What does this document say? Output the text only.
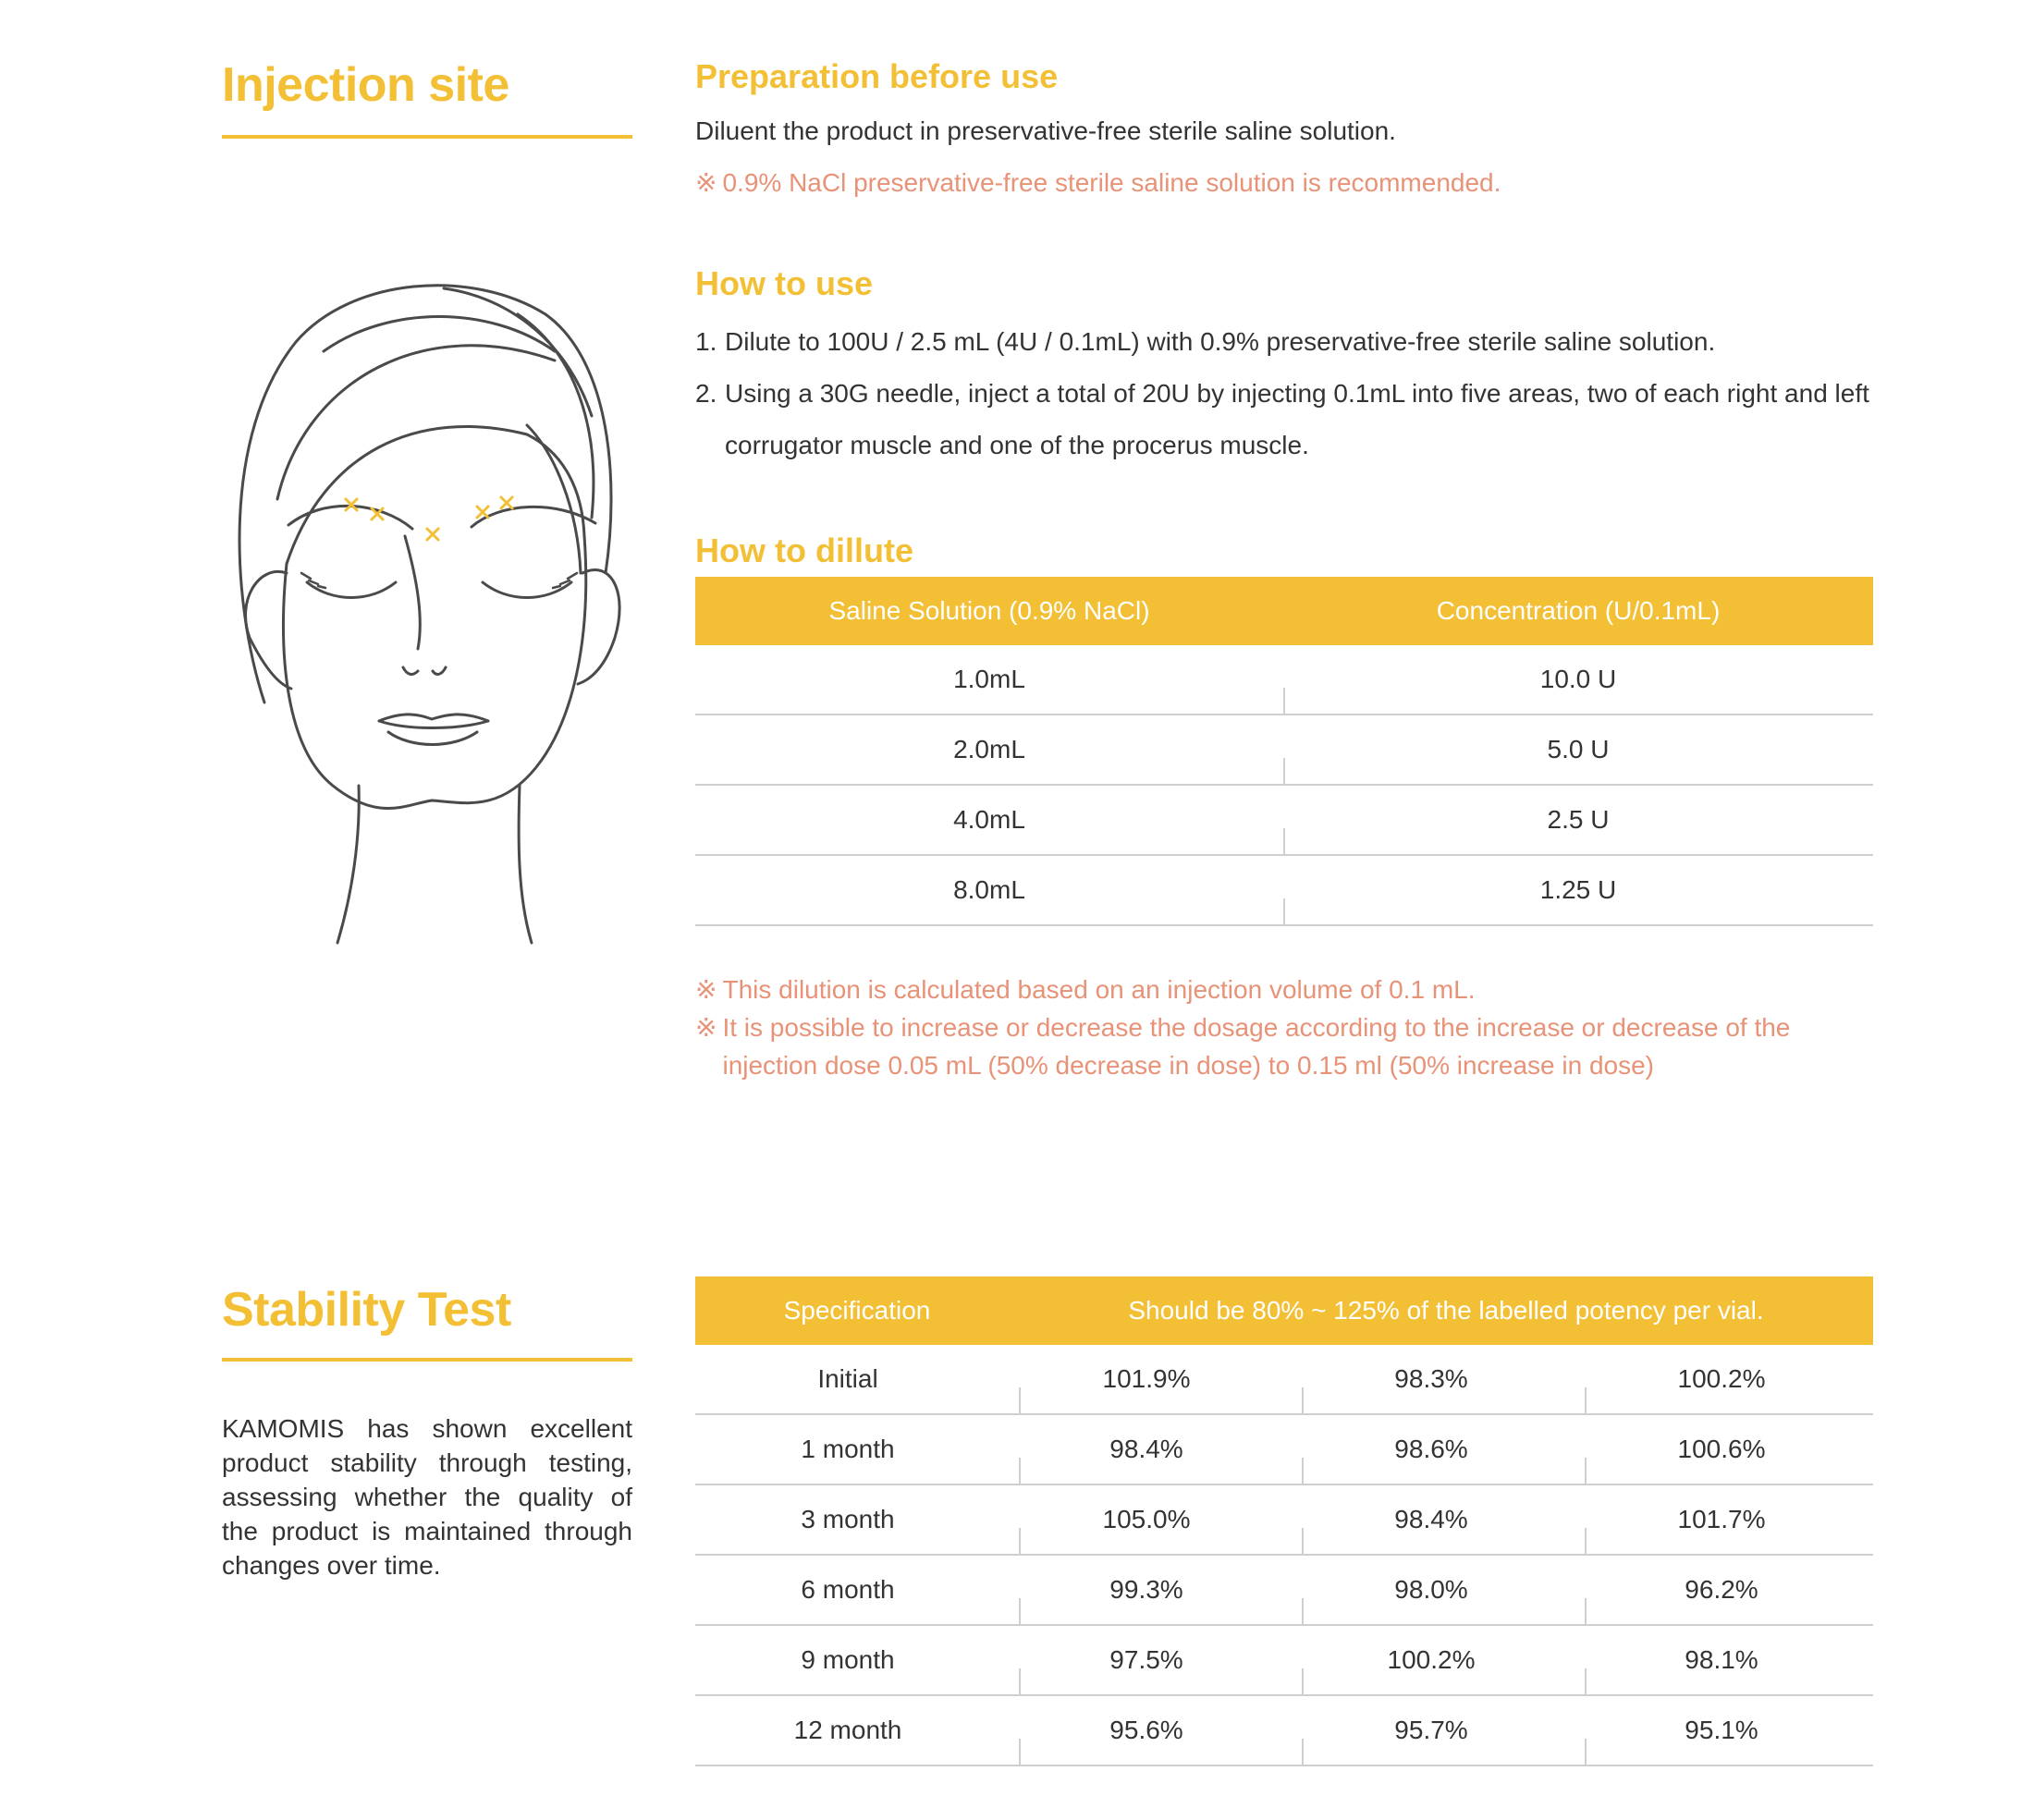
Injection site	Preparation before use

Diluent the product in preservative-free sterile saline solution.

※ 0.9% NaCl preservative-free sterile saline solution is recommended.

How to use
1. Dilute to 100U / 2.5 mL (4U / 0.1mL) with 0.9% preservative-free sterile saline solution.
2. Using a 30G needle, inject a total of 20U by injecting 0.1mL into five areas, two of each right and left corrugator muscle and one of the procerus muscle.
How to dillute
Saline Solution (0.9% NaCl)	Concentration (U/0.1mL)
1.0mL	10.0 U
2.0mL	5.0 U
4.0mL	2.5 U
8.0mL	1.25 U
※ This dilution is calculated based on an injection volume of 0.1 mL.
※ It is possible to increase or decrease the dosage according to the increase or decrease of the injection dose 0.05 mL (50% decrease in dose) to 0.15 ml (50% increase in dose)
Stability Test

KAMOMIS has shown excellent product stability through testing, assessing whether the quality of the product is maintained through changes over time.

Specification	Should be 80% ~ 125% of the labelled potency per vial.
Initial	101.9%	98.3%	100.2%
1 month	98.4%	98.6%	100.6%
3 month	105.0%	98.4%	101.7%
6 month	99.3%	98.0%	96.2%
9 month	97.5%	100.2%	98.1%
12 month	95.6%	95.7%	95.1%
